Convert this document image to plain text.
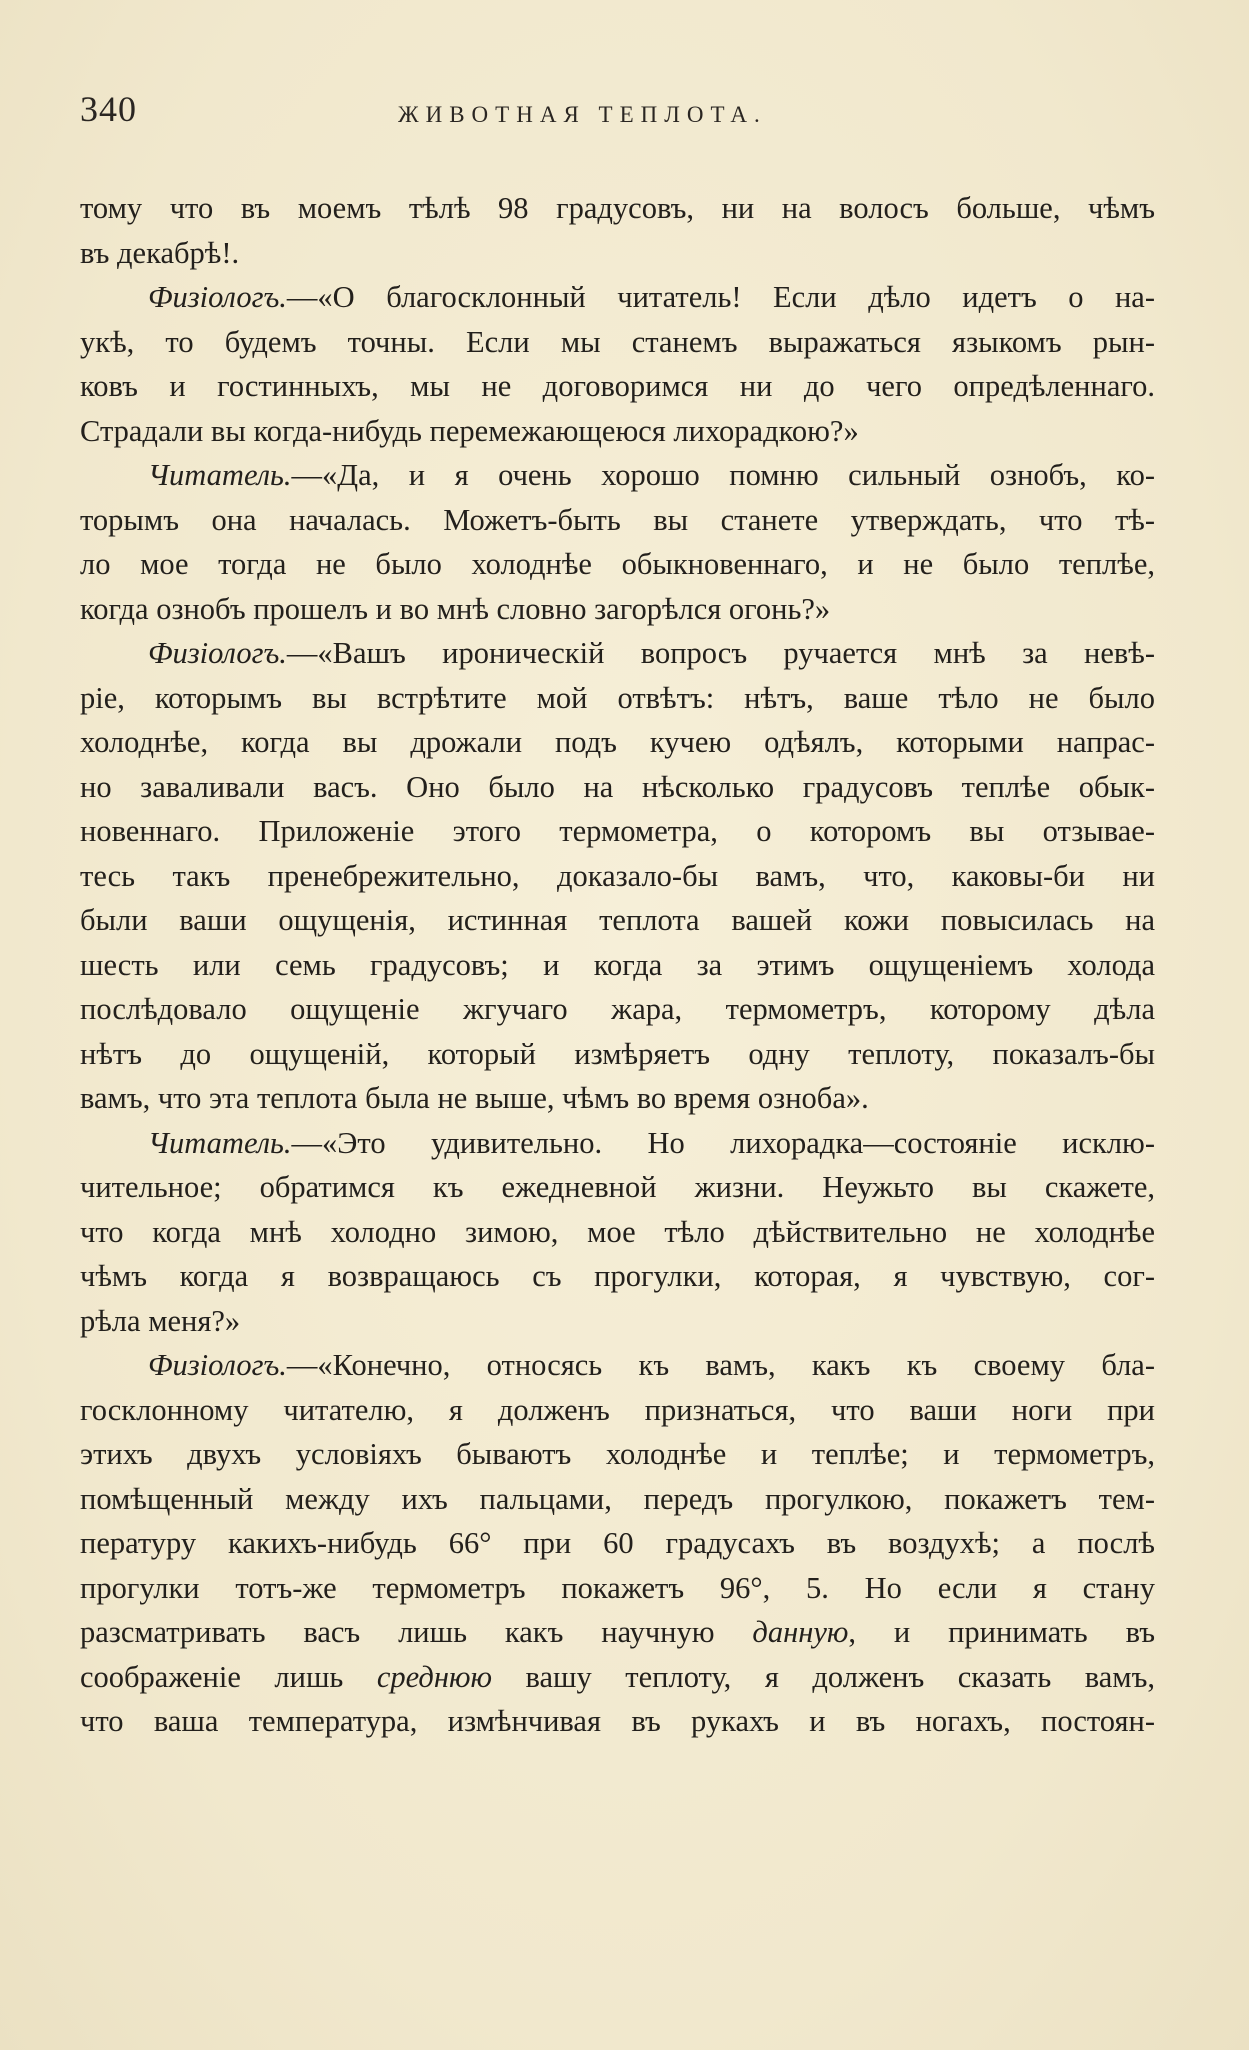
340	ЖИВОТНАЯ ТЕПЛОТА.
тому что въ моемъ тѣлѣ 98 градусовъ, ни на волосъ больше, чѣмъ
въ декабрѣ!.
Физіологъ.—«О благосклонный читатель! Если дѣло идетъ о на-
укѣ, то будемъ точны. Если мы станемъ выражаться языкомъ рын-
ковъ и гостинныхъ, мы не договоримся ни до чего опредѣленнаго.
Страдали вы когда-нибудь перемежающеюся лихорадкою?»
Читатель.—«Да, и я очень хорошо помню сильный ознобъ, ко-
торымъ она началась. Можетъ-быть вы станете утверждать, что тѣ-
ло мое тогда не было холоднѣе обыкновеннаго, и не было теплѣе,
когда ознобъ прошелъ и во мнѣ словно загорѣлся огонь?»
Физіологъ.—«Вашъ ироническій вопросъ ручается мнѣ за невѣ-
ріе, которымъ вы встрѣтите мой отвѣтъ: нѣтъ, ваше тѣло не было
холоднѣе, когда вы дрожали подъ кучею одѣялъ, которыми напрас-
но заваливали васъ. Оно было на нѣсколько градусовъ теплѣе обык-
новеннаго. Приложеніе этого термометра, о которомъ вы отзывае-
тесь такъ пренебрежительно, доказало-бы вамъ, что, каковы-би ни
были ваши ощущенія, истинная теплота вашей кожи повысилась на
шесть или семь градусовъ; и когда за этимъ ощущеніемъ холода
послѣдовало ощущеніе жгучаго жара, термометръ, которому дѣла
нѣтъ до ощущеній, который измѣряетъ одну теплоту, показалъ-бы
вамъ, что эта теплота была не выше, чѣмъ во время озноба».
Читатель.—«Это удивительно. Но лихорадка—состояніе исклю-
чительное; обратимся къ ежедневной жизни. Неужьто вы скажете,
что когда мнѣ холодно зимою, мое тѣло дѣйствительно не холоднѣе
чѣмъ когда я возвращаюсь съ прогулки, которая, я чувствую, сог-
рѣла меня?»
Физіологъ.—«Конечно, относясь къ вамъ, какъ къ своему бла-
госклонному читателю, я долженъ признаться, что ваши ноги при
этихъ двухъ условіяхъ бываютъ холоднѣе и теплѣе; и термометръ,
помѣщенный между ихъ пальцами, передъ прогулкою, покажетъ тем-
пературу какихъ-нибудь 66° при 60 градусахъ въ воздухѣ; а послѣ
прогулки тотъ-же термометръ покажетъ 96°, 5. Но если я стану
разсматривать васъ лишь какъ научную данную, и принимать въ
соображеніе лишь среднюю вашу теплоту, я долженъ сказать вамъ,
что ваша температура, измѣнчивая въ рукахъ и въ ногахъ, постоян-
